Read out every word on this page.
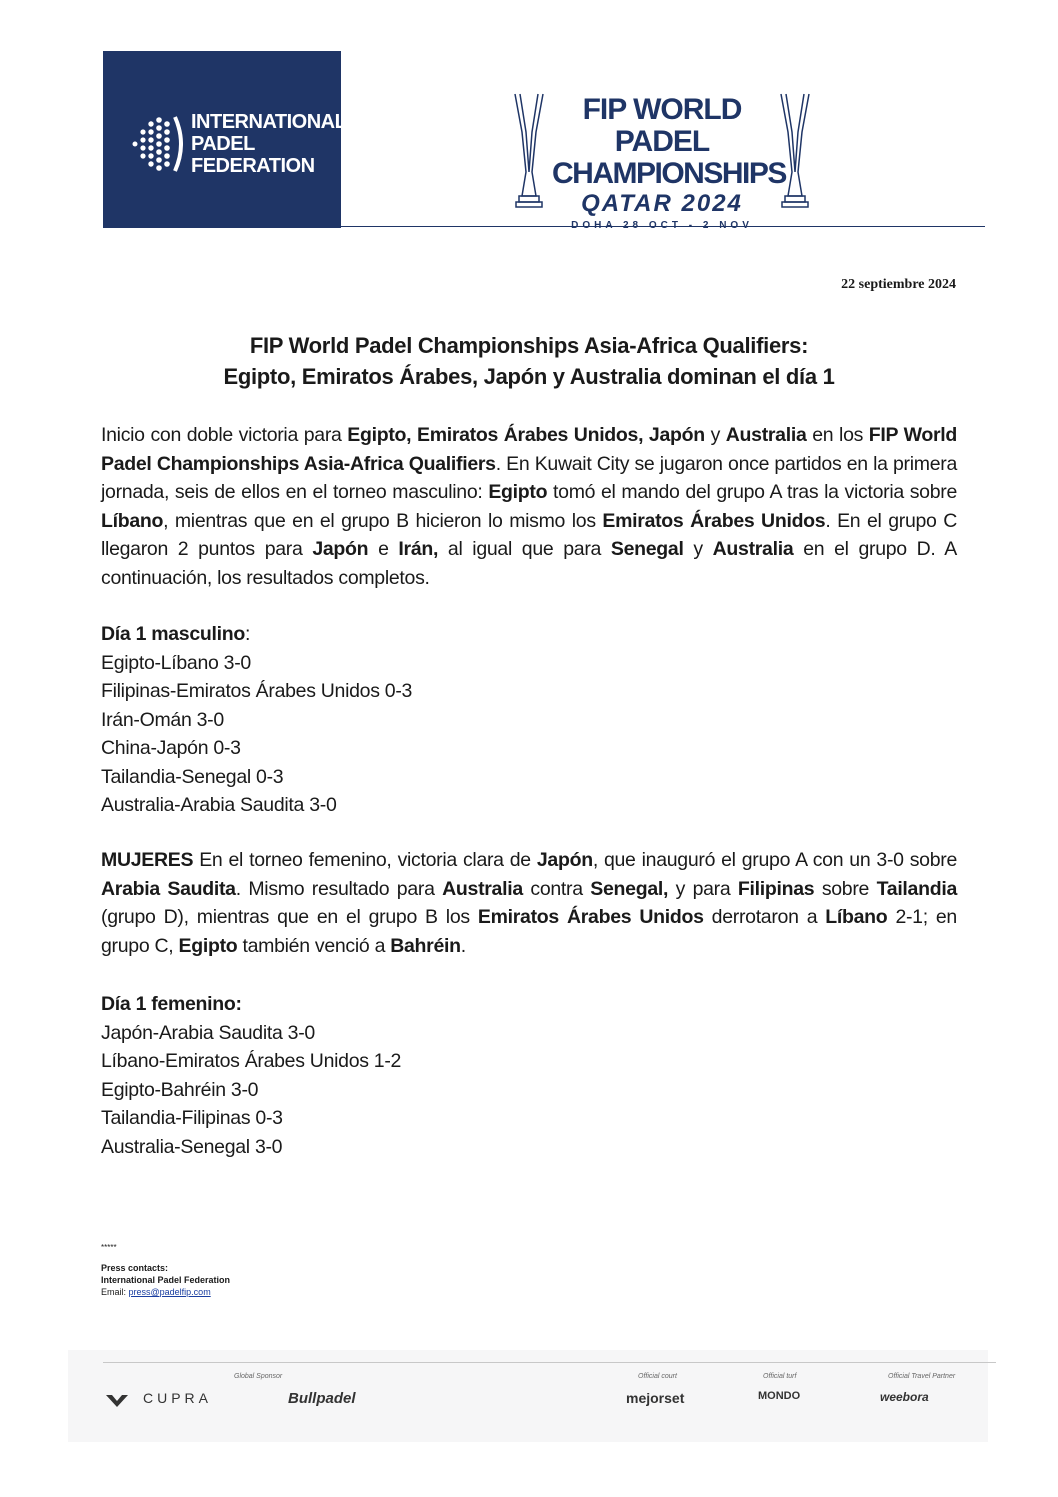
INTERNATIONAL
PADEL
FEDERATION
FIP WORLD PADEL
CHAMPIONSHIPS
QATAR 2024
DOHA 28 OCT - 2 NOV
22 septiembre 2024
FIP World Padel Championships Asia-Africa Qualifiers:
Egipto, Emiratos Árabes, Japón y Australia dominan el día 1
Inicio con doble victoria para Egipto, Emiratos Árabes Unidos, Japón y Australia en los FIP World Padel Championships Asia-Africa Qualifiers. En Kuwait City se jugaron once partidos en la primera jornada, seis de ellos en el torneo masculino: Egipto tomó el mando del grupo A tras la victoria sobre Líbano, mientras que en el grupo B hicieron lo mismo los Emiratos Árabes Unidos. En el grupo C llegaron 2 puntos para Japón e Irán, al igual que para Senegal y Australia en el grupo D. A continuación, los resultados completos.
Día 1 masculino:
Egipto-Líbano 3-0
Filipinas-Emiratos Árabes Unidos 0-3
Irán-Omán 3-0
China-Japón 0-3
Tailandia-Senegal 0-3
Australia-Arabia Saudita 3-0
MUJERES En el torneo femenino, victoria clara de Japón, que inauguró el grupo A con un 3-0 sobre Arabia Saudita. Mismo resultado para Australia contra Senegal, y para Filipinas sobre Tailandia (grupo D), mientras que en el grupo B los Emiratos Árabes Unidos derrotaron a Líbano 2-1; en grupo C, Egipto también venció a Bahréin.
Día 1 femenino:
Japón-Arabia Saudita 3-0
Líbano-Emiratos Árabes Unidos 1-2
Egipto-Bahréin 3-0
Tailandia-Filipinas 0-3
Australia-Senegal 3-0
*****
Press contacts:
International Padel Federation
Email: press@padelfip.com
Global Sponsor	Official court	Official turf	Official Travel Partner
CUPRA	Bullpadel	mejorset	MONDO	weebora
